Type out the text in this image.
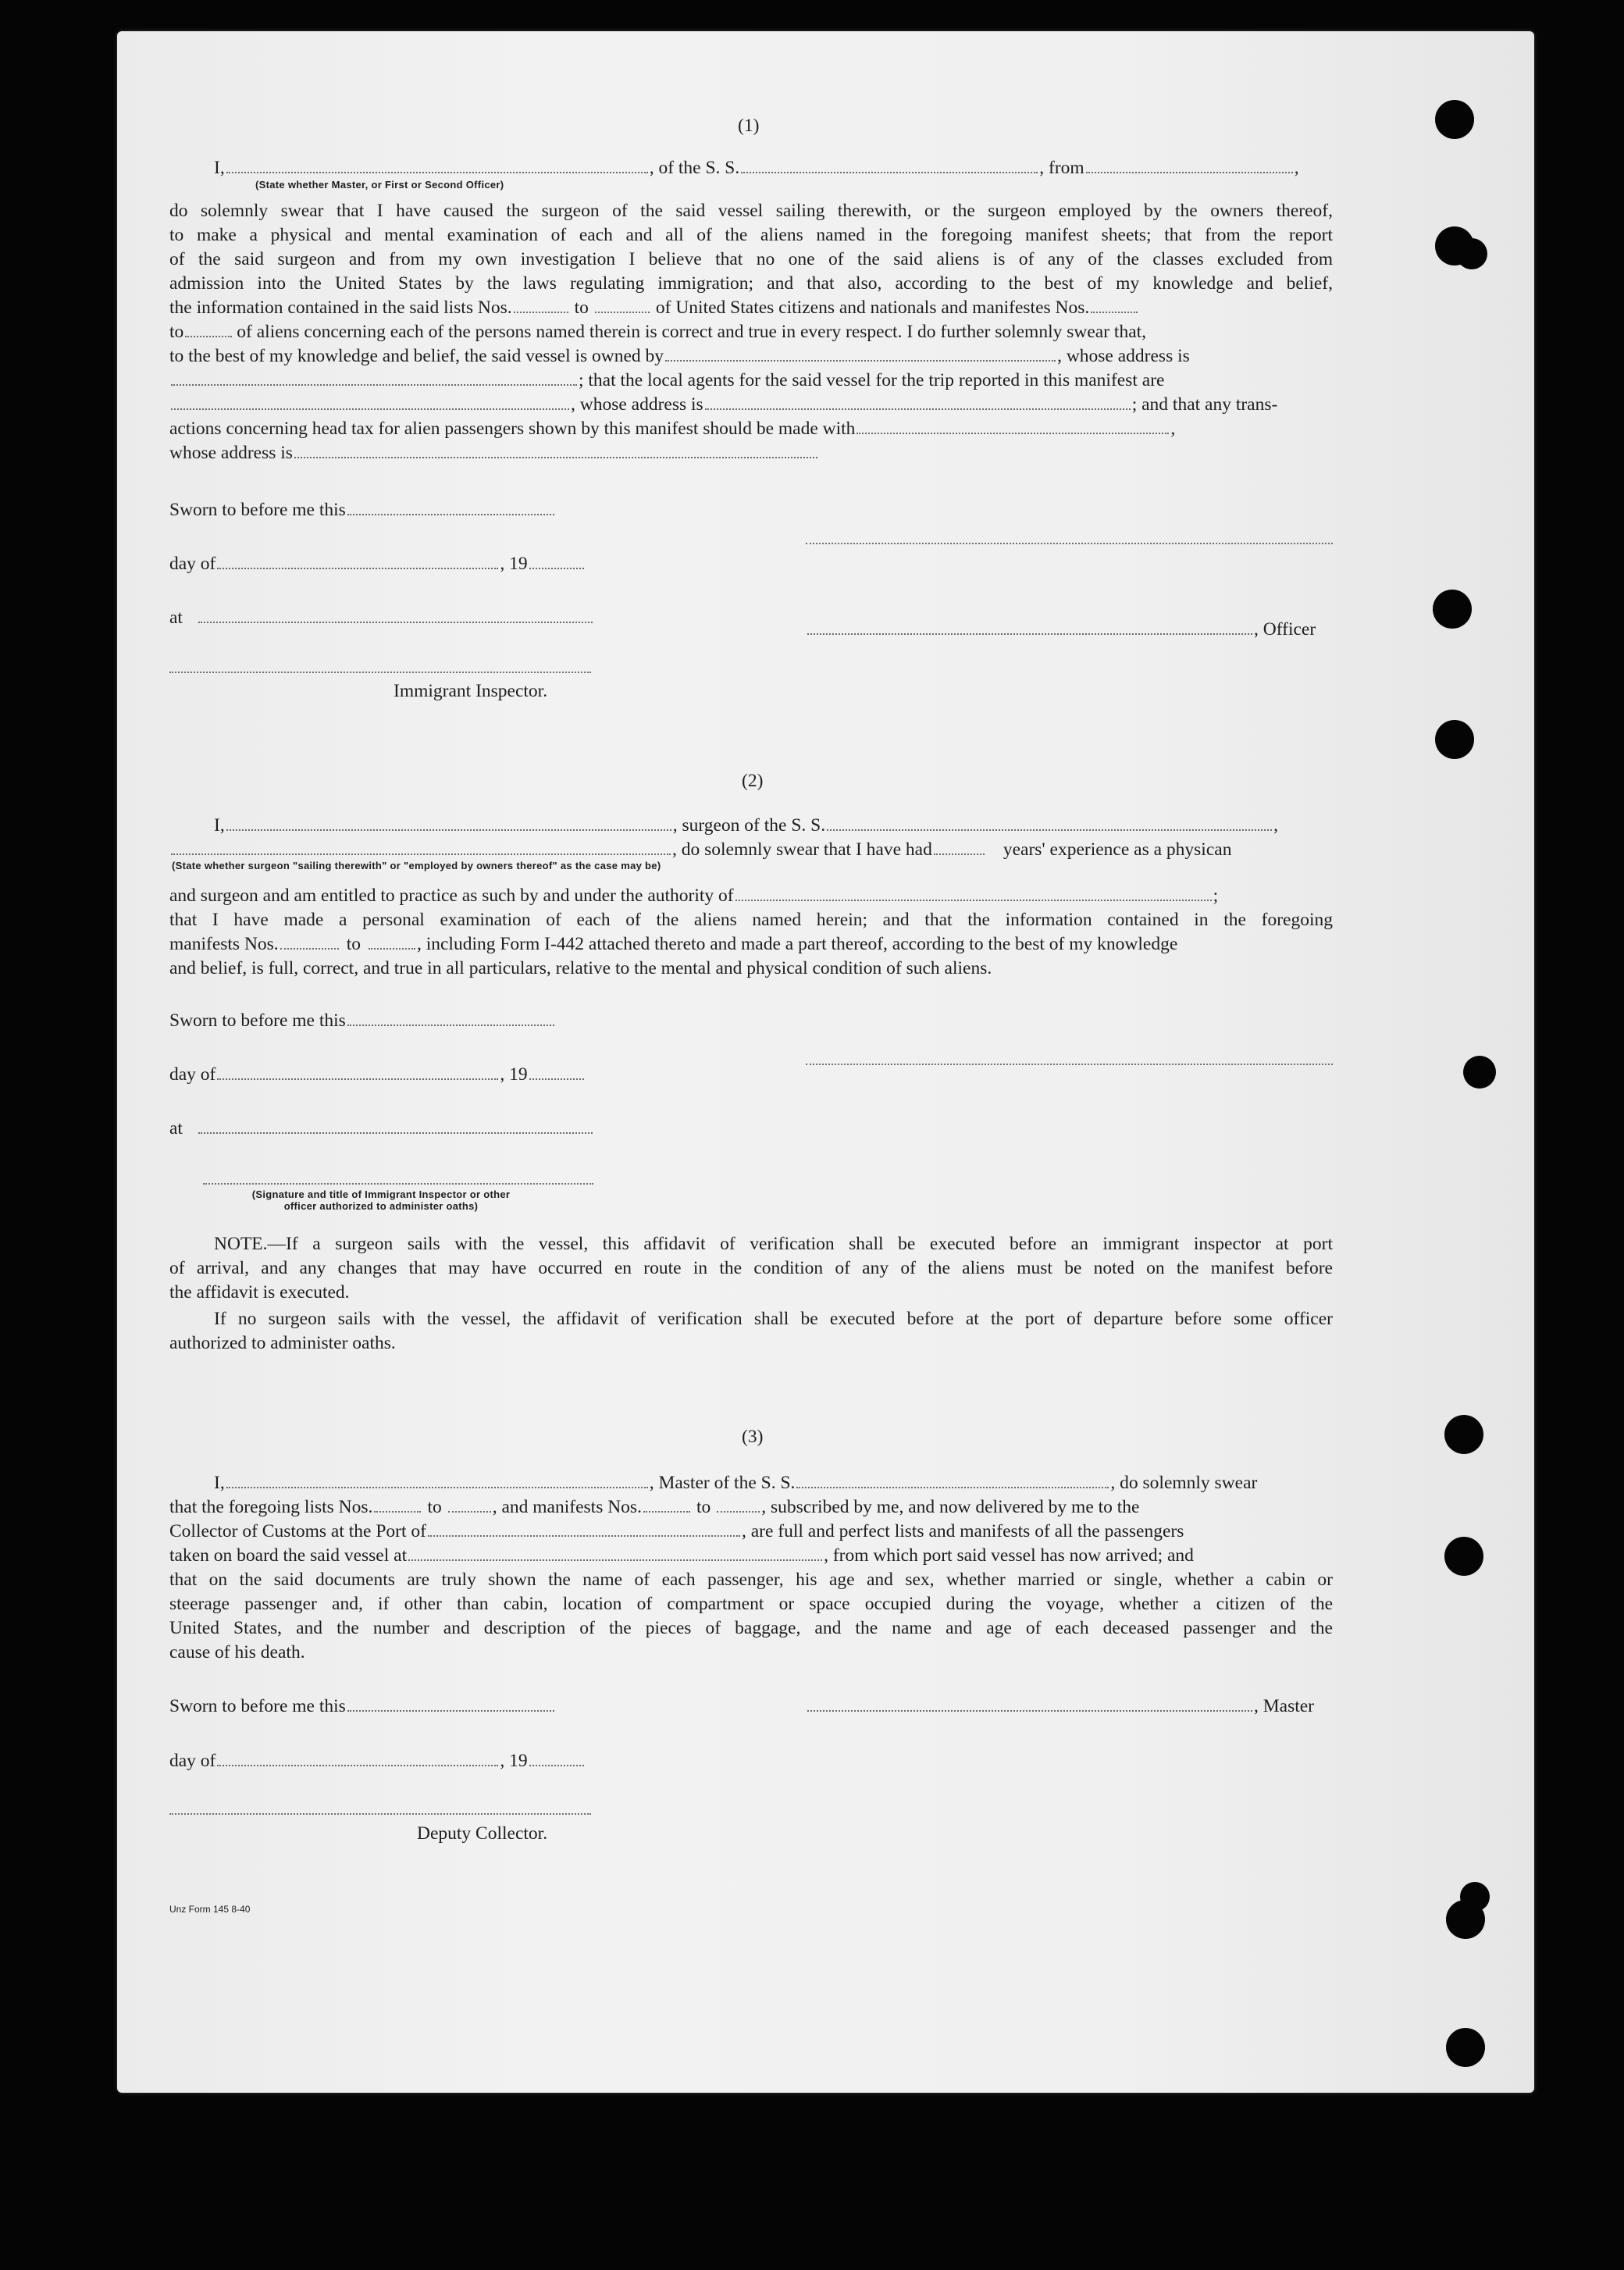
(1)
I,	, of the S. S.	, from	,
(State whether Master, or First or Second Officer)
do solemnly swear that I have caused the surgeon of the said vessel sailing therewith, or the surgeon employed by the owners thereof,
to make a physical and mental examination of each and all of the aliens named in the foregoing manifest sheets; that from the report
of the said surgeon and from my own investigation I believe that no one of the said aliens is of any of the classes excluded from
admission into the United States by the laws regulating immigration; and that also, according to the best of my knowledge and belief,
the information contained in the said lists Nos.	to	of United States citizens and nationals and manifestes Nos.
to	of aliens concerning each of the persons named therein is correct and true in every respect. I do further solemnly swear that,
to the best of my knowledge and belief, the said vessel is owned by	, whose address is
; that the local agents for the said vessel for the trip reported in this manifest are
, whose address is	; and that any trans-
actions concerning head tax for alien passengers shown by this manifest should be made with	,
whose address is
Sworn to before me this
day of	, 19
at
, Officer
Immigrant Inspector.
(2)
I,	, surgeon of the S. S.	,
, do solemnly swear that I have had	years' experience as a physican
(State whether surgeon "sailing therewith" or "employed by owners thereof" as the case may be)
and surgeon and am entitled to practice as such by and under the authority of	;
that I have made a personal examination of each of the aliens named herein; and that the information contained in the foregoing
manifests Nos.	to	, including Form I-442 attached thereto and made a part thereof, according to the best of my knowledge
and belief, is full, correct, and true in all particulars, relative to the mental and physical condition of such aliens.
Sworn to before me this
day of	, 19
at
(Signature and title of Immigrant Inspector or other
officer authorized to administer oaths)
NOTE.—If a surgeon sails with the vessel, this affidavit of verification shall be executed before an immigrant inspector at port
of arrival, and any changes that may have occurred en route in the condition of any of the aliens must be noted on the manifest before
the affidavit is executed.
If no surgeon sails with the vessel, the affidavit of verification shall be executed before at the port of departure before some officer
authorized to administer oaths.
(3)
I,	, Master of the S. S.	, do solemnly swear
that the foregoing lists Nos.	to	, and manifests Nos.	to	, subscribed by me, and now delivered by me to the
Collector of Customs at the Port of	, are full and perfect lists and manifests of all the passengers
taken on board the said vessel at	, from which port said vessel has now arrived; and
that on the said documents are truly shown the name of each passenger, his age and sex, whether married or single, whether a cabin or
steerage passenger and, if other than cabin, location of compartment or space occupied during the voyage, whether a citizen of the
United States, and the number and description of the pieces of baggage, and the name and age of each deceased passenger and the
cause of his death.
Sworn to before me this	, Master
day of	, 19
Deputy Collector.
Unz Form 145 8-40
